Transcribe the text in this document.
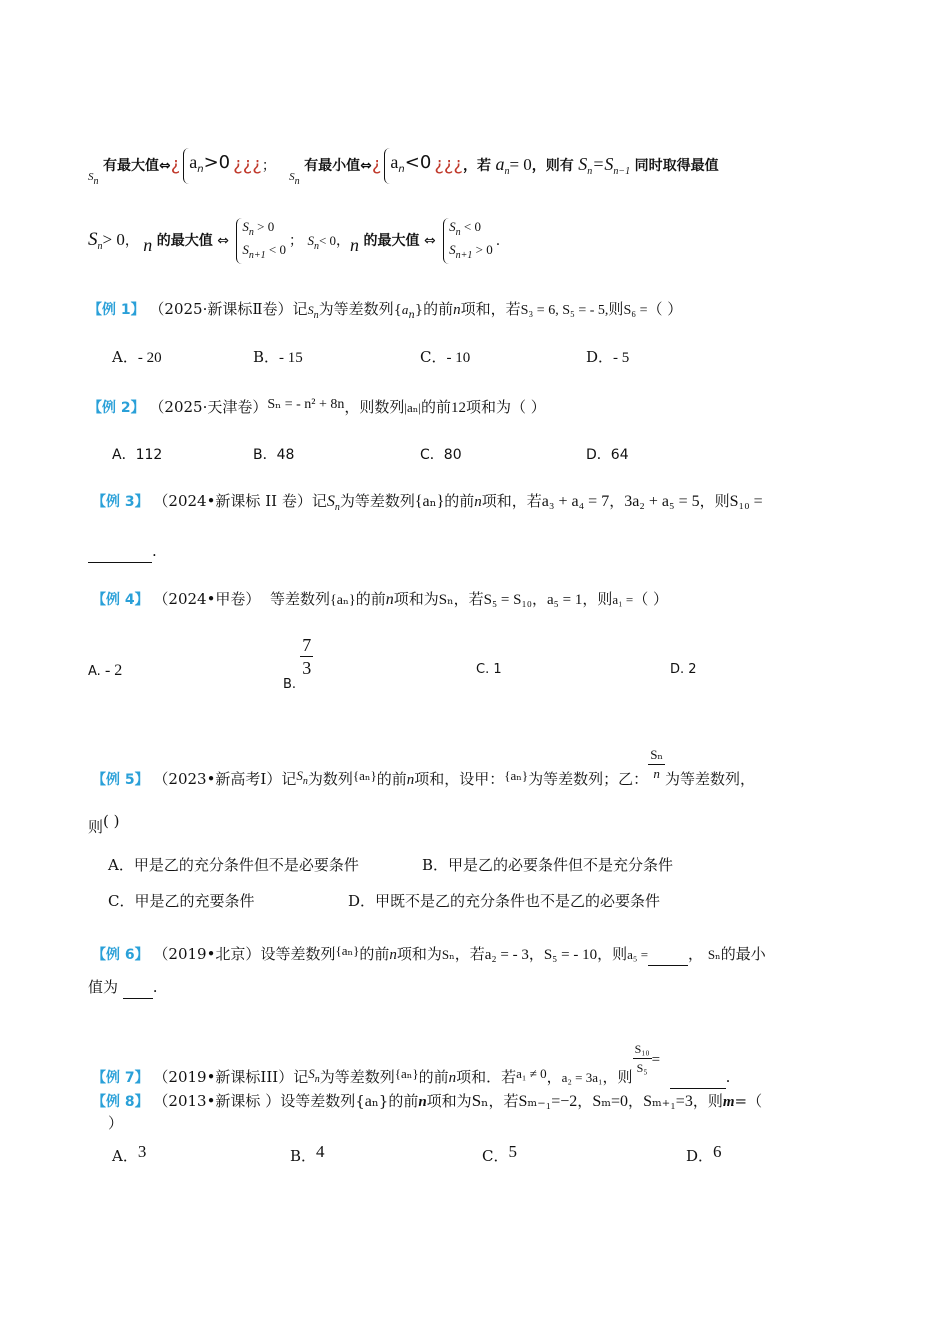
$_{Sn}$ 有最大值⇔¿ $a_n>0$ ¿¿¿；   $_{Sn}$ 有最小值⇔¿ $a_n<0$ ¿¿¿，若 $a_n= 0$，则有 $S_n=S_{n-1}$ 同时取得最值
$S_n> 0$， n 的最大值 ⇔ $S_n > 0$
$S_{n+1} < 0$； $S_n< 0$，n 的最大值 ⇔ $S_n < 0$
$S_{n+1} > 0$.
【例 1】 （2025·新课标Ⅱ卷）记$S_n$为等差数列$\{a_n\}$的前n项和，若S₃ = 6, S₅ = - 5,则S₆ =（ ）
A．- 20	B．- 15	C．- 10	D．- 5
【例 2】 （2025·天津卷）Sₙ = - n² + 8n，则数列|aₙ|的前12项和为（ ）
A．112	B．48	C．80	D．64
【例 3】 （2024•新课标 II 卷）记$S_n$为等差数列{aₙ}的前n项和，若a₃ + a₄ = 7，3a₂ + a₅ = 5，则S₁₀ =
.
【例 4】 （2024•甲卷） 等差数列{aₙ}的前n项和为Sₙ，若S₅ = S₁₀，a₅ = 1，则a₁ =（ ）
A. - 2
B.
$\frac{7}{3}$	C. 1	D. 2
【例 5】 （2023•新高考Ⅰ）记$S_n$为数列{aₙ}的前n项和，设甲：{aₙ}为等差数列；乙： $\frac{\text{Sₙ}}{n}$ 为等差数列，
则( )
A．甲是乙的充分条件但不是必要条件	B．甲是乙的必要条件但不是充分条件
C．甲是乙的充要条件	D．甲既不是乙的充分条件也不是乙的必要条件
【例 6】 （2019•北京）设等差数列{aₙ}的前n项和为Sₙ，若a₂ = - 3，S₅ = - 10，则a₅ =	， Sₙ的最小
值为 .
【例 7】 （2019•新课标III）记$S_n$为等差数列{aₙ}的前n项和．若a₁ ≠ 0，a₂ = 3a₁，则 $\frac{\text{S₁₀}}{\text{S₅}}$ =   .
【例 8】 （2013•新课标 ）设等差数列{aₙ}的前n项和为Sₙ，若Sₘ₋₁=−2，Sₘ=0，Sₘ₊₁=3，则m=（
）
A．3	B．4	C．5	D．6
